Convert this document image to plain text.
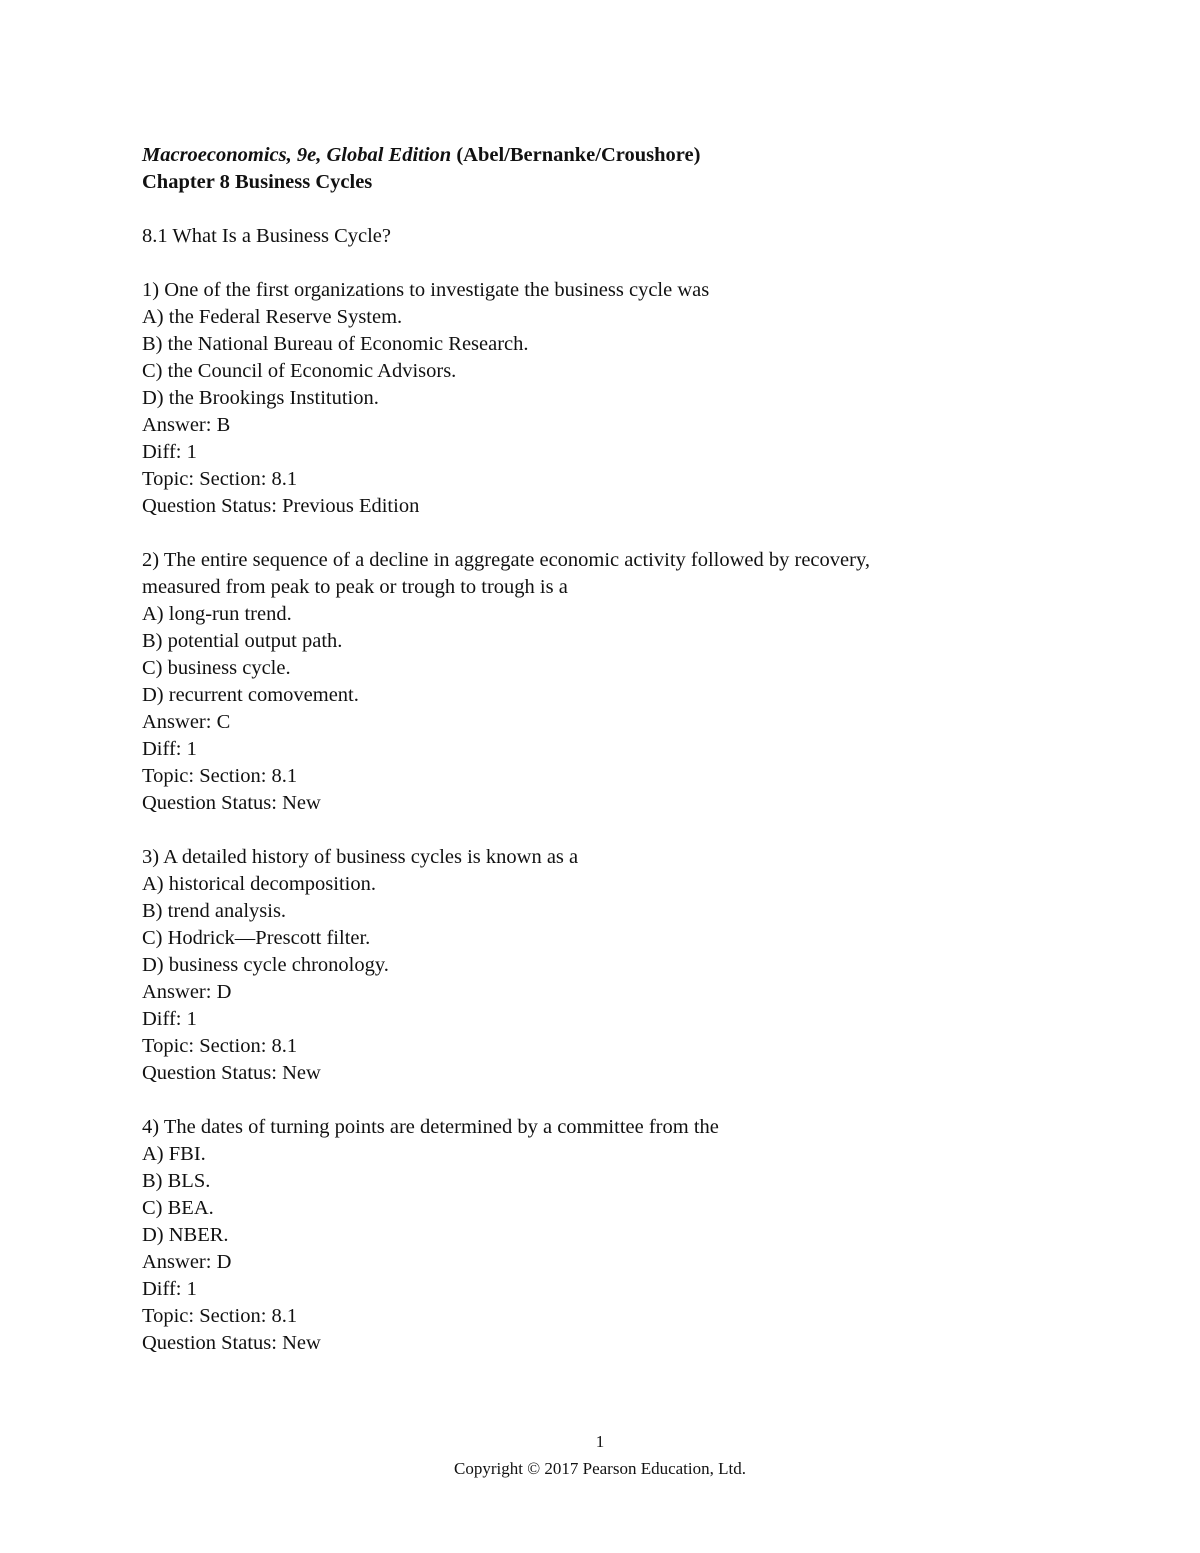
Macroeconomics, 9e, Global Edition (Abel/Bernanke/Croushore)
Chapter 8 Business Cycles
8.1 What Is a Business Cycle?
1) One of the first organizations to investigate the business cycle was
A) the Federal Reserve System.
B) the National Bureau of Economic Research.
C) the Council of Economic Advisors.
D) the Brookings Institution.
Answer: B
Diff: 1
Topic: Section: 8.1
Question Status: Previous Edition
2) The entire sequence of a decline in aggregate economic activity followed by recovery,
measured from peak to peak or trough to trough is a
A) long-run trend.
B) potential output path.
C) business cycle.
D) recurrent comovement.
Answer: C
Diff: 1
Topic: Section: 8.1
Question Status: New
3) A detailed history of business cycles is known as a
A) historical decomposition.
B) trend analysis.
C) Hodrick—Prescott filter.
D) business cycle chronology.
Answer: D
Diff: 1
Topic: Section: 8.1
Question Status: New
4) The dates of turning points are determined by a committee from the
A) FBI.
B) BLS.
C) BEA.
D) NBER.
Answer: D
Diff: 1
Topic: Section: 8.1
Question Status: New
1
Copyright © 2017 Pearson Education, Ltd.
